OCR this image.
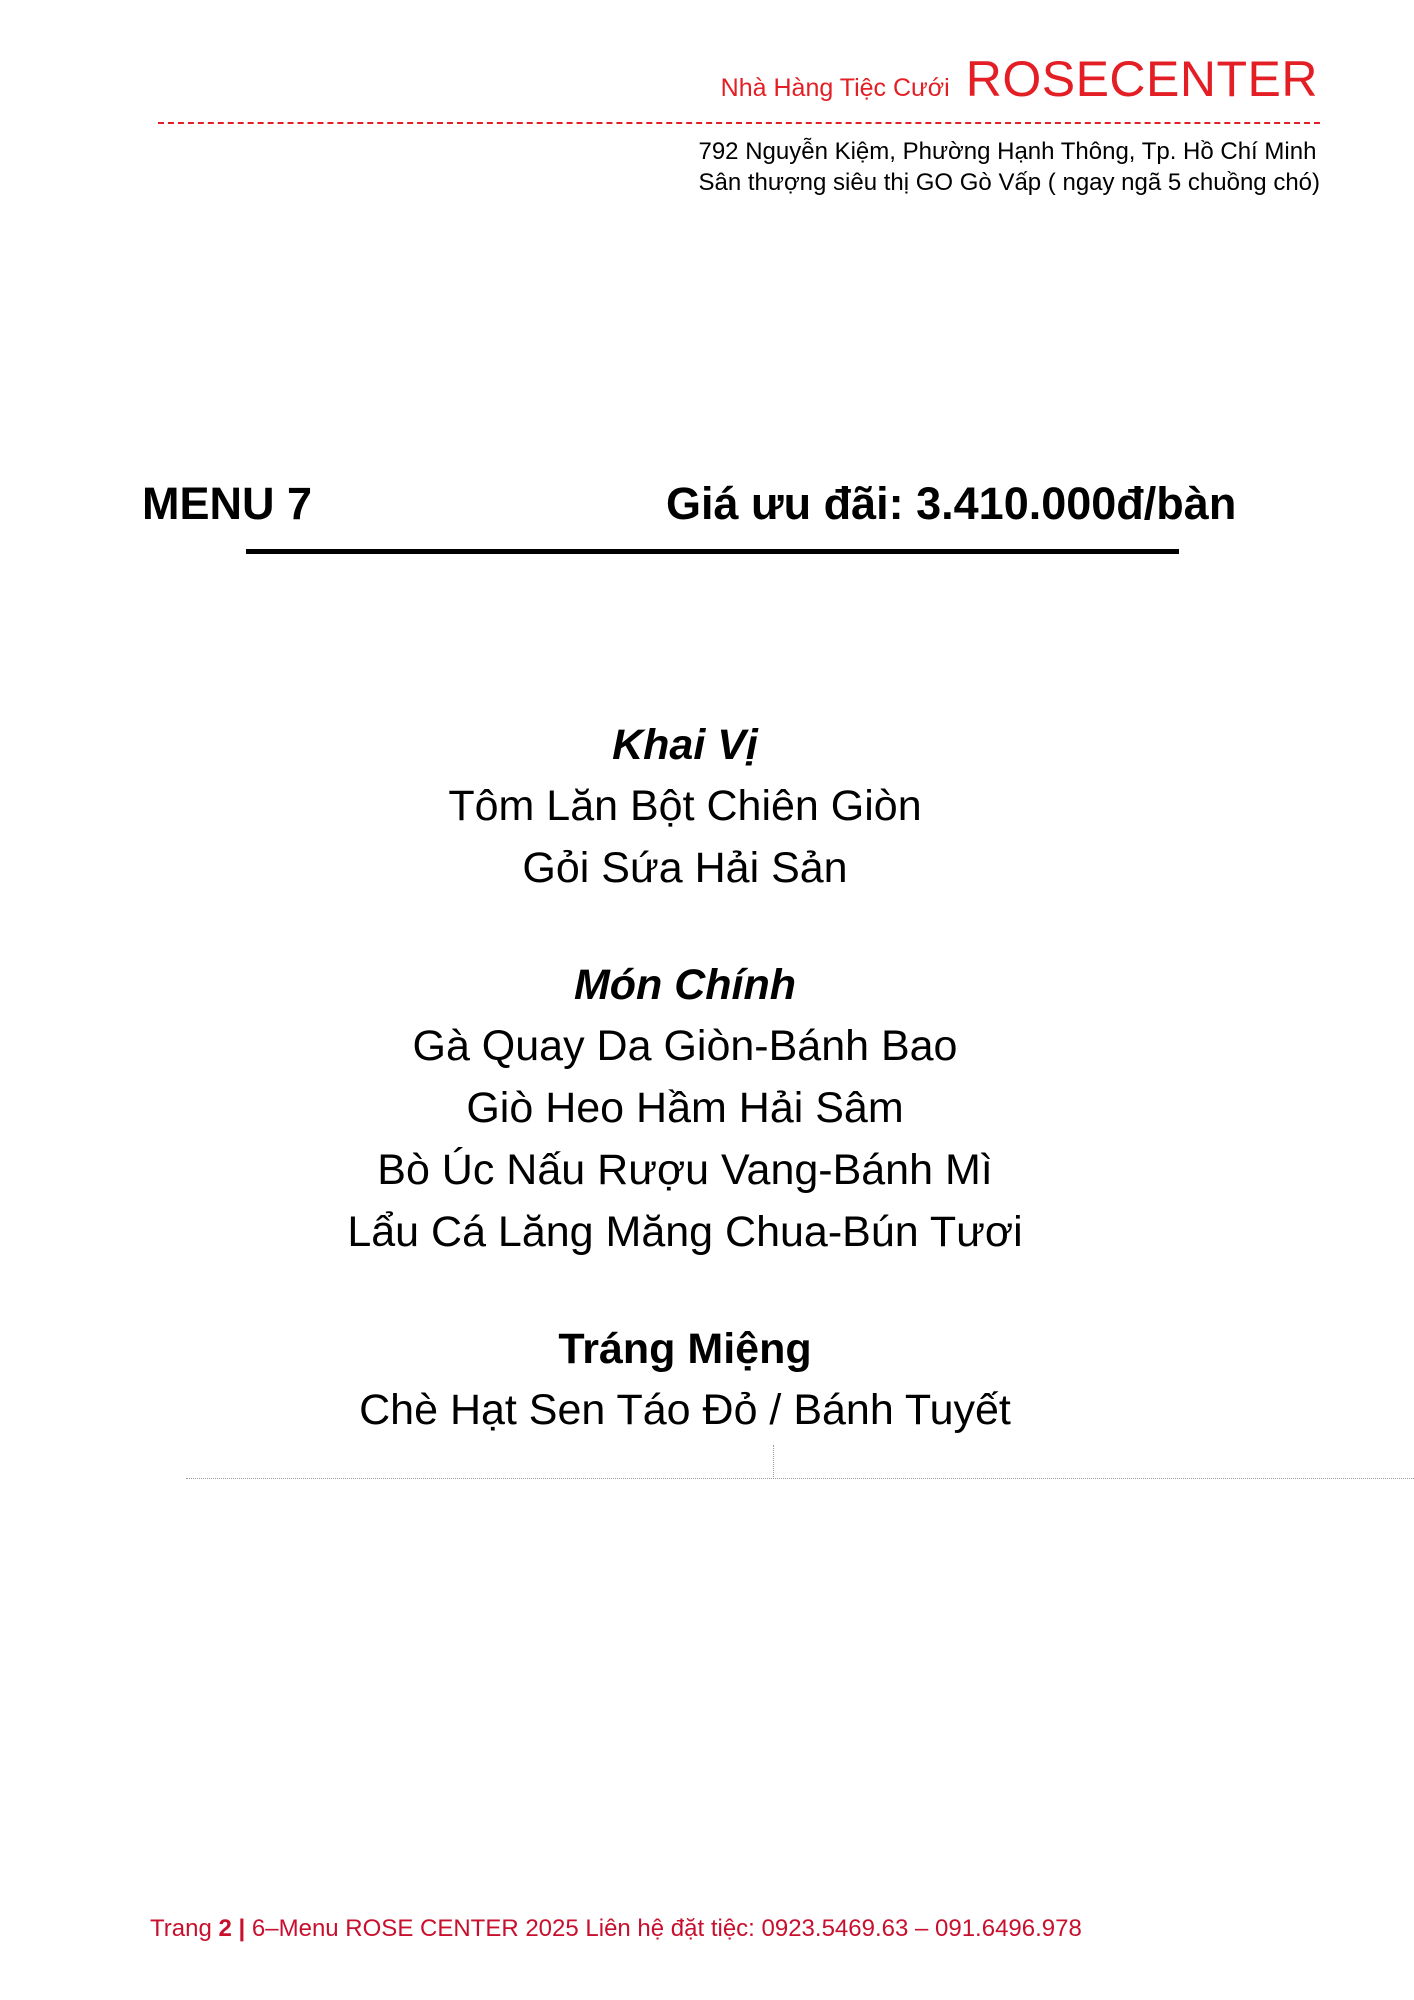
Nhà Hàng Tiệc Cưới ROSECENTER
792 Nguyễn Kiệm, Phường Hạnh Thông, Tp. Hồ Chí Minh
Sân thượng siêu thị GO Gò Vấp ( ngay ngã 5 chuồng chó)
MENU 7	Giá ưu đãi: 3.410.000đ/bàn
Khai Vị
Tôm Lăn Bột Chiên Giòn
Gỏi Sứa Hải Sản
Món Chính
Gà Quay Da Giòn-Bánh Bao
Giò Heo Hầm Hải Sâm
Bò Úc Nấu Rượu Vang-Bánh Mì
Lẩu Cá Lăng Măng Chua-Bún Tươi
Tráng Miệng
Chè Hạt Sen Táo Đỏ / Bánh Tuyết
Trang 2 | 6–Menu ROSE CENTER 2025 Liên hệ đặt tiệc: 0923.5469.63 – 091.6496.978
